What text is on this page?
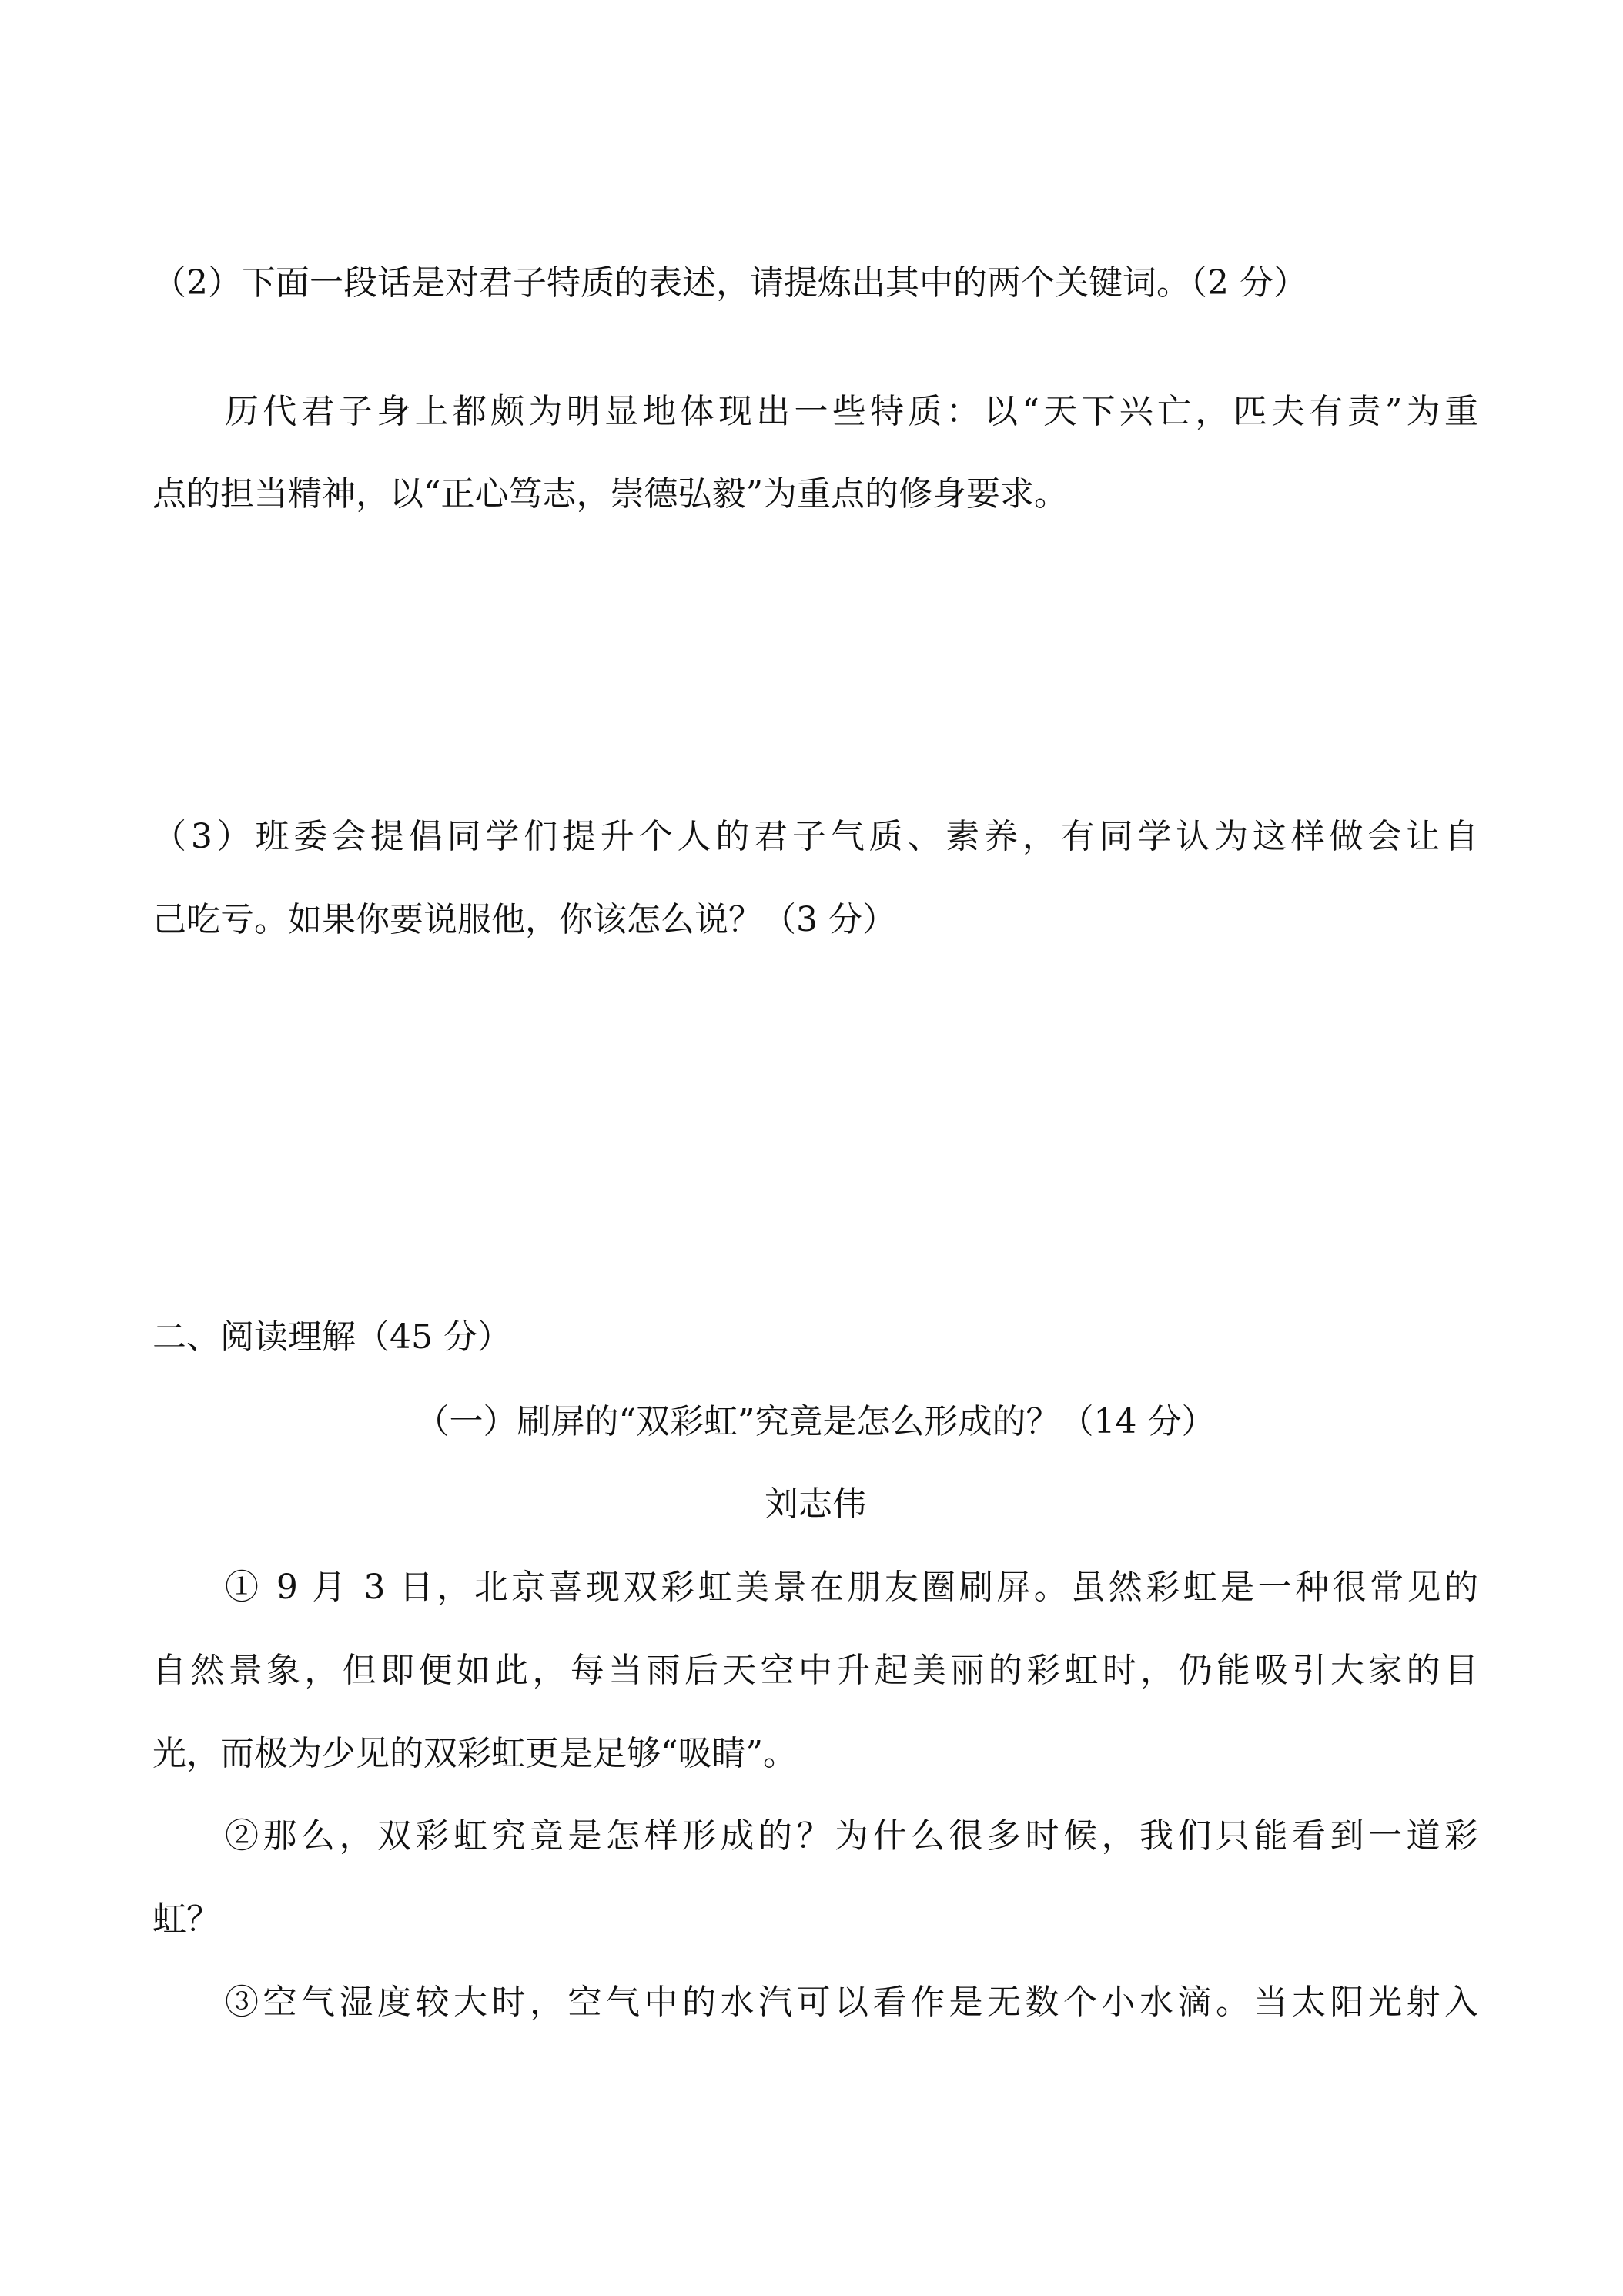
（2）下面一段话是对君子特质的表述，请提炼出其中的两个关键词。（2 分）
历代君子身上都颇为明显地体现出一些特质：以“天下兴亡，匹夫有责”为重
点的担当精神，以“正心笃志，崇德弘毅”为重点的修身要求。
（3）班委会提倡同学们提升个人的君子气质、素养，有同学认为这样做会让自
己吃亏。如果你要说服他，你该怎么说？（3 分）
二、阅读理解（45 分）
（一）刷屏的“双彩虹”究竟是怎么形成的？（14 分）
刘志伟
① 9 月 3 日，北京喜现双彩虹美景在朋友圈刷屏。虽然彩虹是一种很常见的
自然景象，但即便如此，每当雨后天空中升起美丽的彩虹时，仍能吸引大家的目
光，而极为少见的双彩虹更是足够“吸睛”。
②那么，双彩虹究竟是怎样形成的？为什么很多时候，我们只能看到一道彩
虹？
③空气湿度较大时，空气中的水汽可以看作是无数个小水滴。当太阳光射入
